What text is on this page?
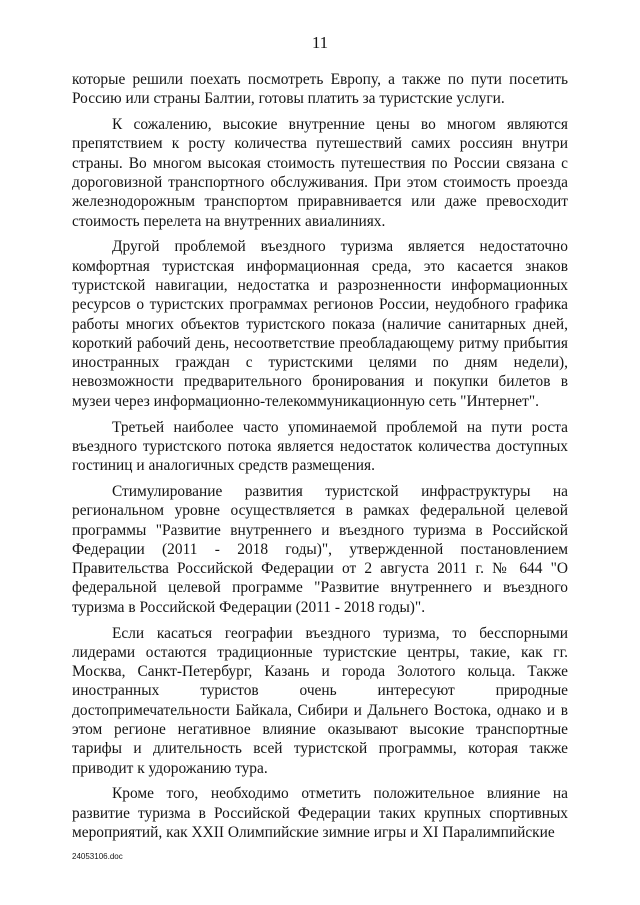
11

которые решили поехать посмотреть Европу, а также по пути посетить Россию или страны Балтии, готовы платить за туристские услуги.

К сожалению, высокие внутренние цены во многом являются препятствием к росту количества путешествий самих россиян внутри страны. Во многом высокая стоимость путешествия по России связана с дороговизной транспортного обслуживания. При этом стоимость проезда железнодорожным транспортом приравнивается или даже превосходит стоимость перелета на внутренних авиалиниях.

Другой проблемой въездного туризма является недостаточно комфортная туристская информационная среда, это касается знаков туристской навигации, недостатка и разрозненности информационных ресурсов о туристских программах регионов России, неудобного графика работы многих объектов туристского показа (наличие санитарных дней, короткий рабочий день, несоответствие преобладающему ритму прибытия иностранных граждан с туристскими целями по дням недели), невозможности предварительного бронирования и покупки билетов в музеи через информационно-телекоммуникационную сеть "Интернет".

Третьей наиболее часто упоминаемой проблемой на пути роста въездного туристского потока является недостаток количества доступных гостиниц и аналогичных средств размещения.

Стимулирование развития туристской инфраструктуры на региональном уровне осуществляется в рамках федеральной целевой программы "Развитие внутреннего и въездного туризма в Российской Федерации (2011 - 2018 годы)", утвержденной постановлением Правительства Российской Федерации от 2 августа 2011 г. № 644 "О федеральной целевой программе "Развитие внутреннего и въездного туризма в Российской Федерации (2011 - 2018 годы)".

Если касаться географии въездного туризма, то бесспорными лидерами остаются традиционные туристские центры, такие, как гг. Москва, Санкт-Петербург, Казань и города Золотого кольца. Также иностранных туристов очень интересуют природные достопримечательности Байкала, Сибири и Дальнего Востока, однако и в этом регионе негативное влияние оказывают высокие транспортные тарифы и длительность всей туристской программы, которая также приводит к удорожанию тура.

Кроме того, необходимо отметить положительное влияние на развитие туризма в Российской Федерации таких крупных спортивных мероприятий, как XXII Олимпийские зимние игры и XI Паралимпийские

24053106.doc
